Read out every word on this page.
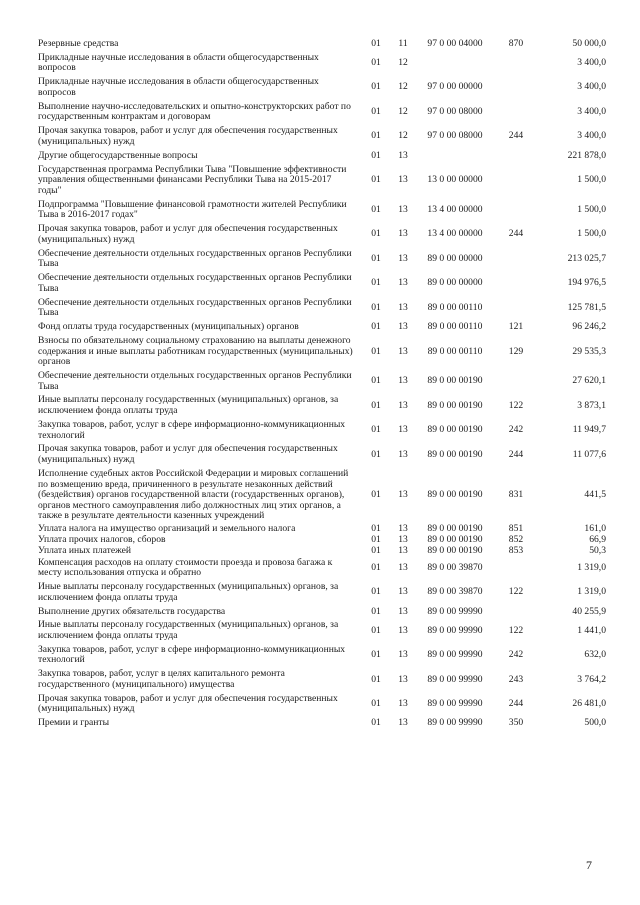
Резервные средства	01	11	97 0 00 04000	870	50 000,0
Прикладные научные исследования в области общегосударственных вопросов	01	12			3 400,0
Прикладные научные исследования в области общегосударственных вопросов	01	12	97 0 00 00000		3 400,0
Выполнение научно-исследовательских и опытно-конструкторских работ по государственным контрактам и договорам	01	12	97 0 00 08000		3 400,0
Прочая закупка товаров, работ и услуг для обеспечения государственных (муниципальных) нужд	01	12	97 0 00 08000	244	3 400,0
Другие общегосударственные вопросы	01	13			221 878,0
Государственная программа Республики Тыва "Повышение эффективности управления общественными финансами Республики Тыва на 2015-2017 годы"	01	13	13 0 00 00000		1 500,0
Подпрограмма "Повышение финансовой грамотности жителей Республики Тыва в 2016-2017 годах"	01	13	13 4 00 00000		1 500,0
Прочая закупка товаров, работ и услуг для обеспечения государственных (муниципальных) нужд	01	13	13 4 00 00000	244	1 500,0
Обеспечение деятельности отдельных государственных органов Республики Тыва	01	13	89 0 00 00000		213 025,7
Обеспечение деятельности отдельных государственных органов Республики Тыва	01	13	89 0 00 00000		194 976,5
Обеспечение деятельности отдельных государственных органов Республики Тыва	01	13	89 0 00 00110		125 781,5
Фонд оплаты труда государственных (муниципальных) органов	01	13	89 0 00 00110	121	96 246,2
Взносы по обязательному социальному страхованию на выплаты денежного содержания и иные выплаты работникам государственных (муниципальных) органов	01	13	89 0 00 00110	129	29 535,3
Обеспечение деятельности отдельных государственных органов Республики Тыва	01	13	89 0 00 00190		27 620,1
Иные выплаты персоналу государственных (муниципальных) органов, за исключением фонда оплаты труда	01	13	89 0 00 00190	122	3 873,1
Закупка товаров, работ, услуг в сфере информационно-коммуникационных технологий	01	13	89 0 00 00190	242	11 949,7
Прочая закупка товаров, работ и услуг для обеспечения государственных (муниципальных) нужд	01	13	89 0 00 00190	244	11 077,6
Исполнение судебных актов Российской Федерации и мировых соглашений по возмещению вреда, причиненного в результате незаконных действий (бездействия) органов государственной власти (государственных органов), органов местного самоуправления либо должностных лиц этих органов, а также в результате деятельности казенных учреждений	01	13	89 0 00 00190	831	441,5
Уплата налога на имущество организаций и земельного налога	01	13	89 0 00 00190	851	161,0
Уплата прочих налогов, сборов	01	13	89 0 00 00190	852	66,9
Уплата иных платежей	01	13	89 0 00 00190	853	50,3
Компенсация расходов на оплату стоимости проезда и провоза багажа к месту использования отпуска и обратно	01	13	89 0 00 39870		1 319,0
Иные выплаты персоналу государственных (муниципальных) органов, за исключением фонда оплаты труда	01	13	89 0 00 39870	122	1 319,0
Выполнение других обязательств государства	01	13	89 0 00 99990		40 255,9
Иные выплаты персоналу государственных (муниципальных) органов, за исключением фонда оплаты труда	01	13	89 0 00 99990	122	1 441,0
Закупка товаров, работ, услуг в сфере информационно-коммуникационных технологий	01	13	89 0 00 99990	242	632,0
Закупка товаров, работ, услуг в целях капитального ремонта государственного (муниципального) имущества	01	13	89 0 00 99990	243	3 764,2
Прочая закупка товаров, работ и услуг для обеспечения государственных (муниципальных) нужд	01	13	89 0 00 99990	244	26 481,0
Премии и гранты	01	13	89 0 00 99990	350	500,0
7
